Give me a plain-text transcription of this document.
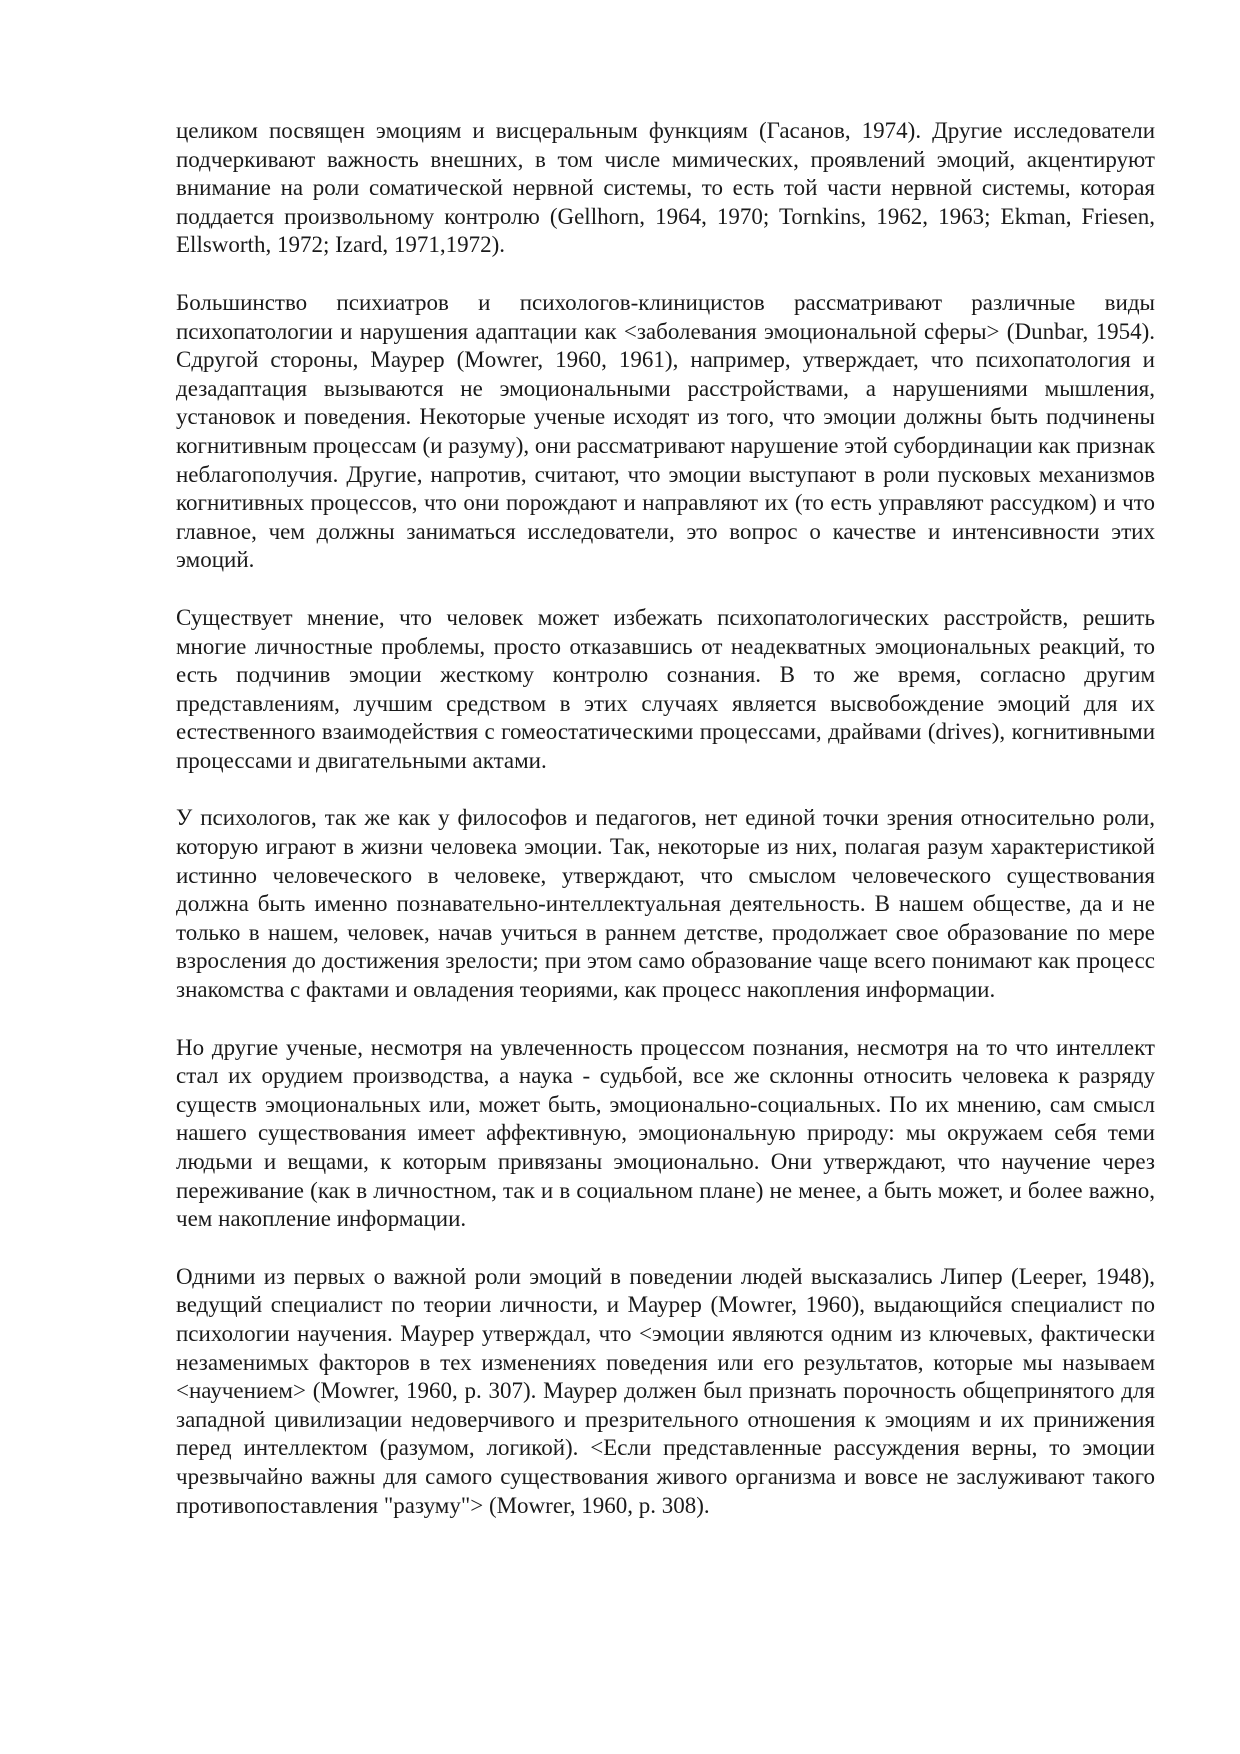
целиком посвящен эмоциям и висцеральным функциям (Гасанов, 1974). Другие исследователи подчеркивают важность внешних, в том числе мимических, проявлений эмоций, акцентируют внимание на роли соматической нервной системы, то есть той части нервной системы, которая поддается произвольному контролю (Gellhorn, 1964, 1970; Tornkins, 1962, 1963; Ekman, Friesen, Ellsworth, 1972; Izard, 1971,1972).

Большинство психиатров и психологов-клиницистов рассматривают различные виды психопатологии и нарушения адаптации как <заболевания эмоциональной сферы> (Dunbar, 1954). Сдругой стороны, Маурер (Mowrer, 1960, 1961), например, утверждает, что психопатология и дезадаптация вызываются не эмоциональными расстройствами, а нарушениями мышления, установок и поведения. Некоторые ученые исходят из того, что эмоции должны быть подчинены когнитивным процессам (и разуму), они рассматривают нарушение этой субординации как признак неблагополучия. Другие, напротив, считают, что эмоции выступают в роли пусковых механизмов когнитивных процессов, что они порождают и направляют их (то есть управляют рассудком) и что главное, чем должны заниматься исследователи, это вопрос о качестве и интенсивности этих эмоций.

Существует мнение, что человек может избежать психопатологических расстройств, решить многие личностные проблемы, просто отказавшись от неадекватных эмоциональных реакций, то есть подчинив эмоции жесткому контролю сознания. В то же время, согласно другим представлениям, лучшим средством в этих случаях является высвобождение эмоций для их естественного взаимодействия с гомеостатическими процессами, драйвами (drives), когнитивными процессами и двигательными актами.

У психологов, так же как у философов и педагогов, нет единой точки зрения относительно роли, которую играют в жизни человека эмоции. Так, некоторые из них, полагая разум характеристикой истинно человеческого в человеке, утверждают, что смыслом человеческого существования должна быть именно познавательно-интеллектуальная деятельность. В нашем обществе, да и не только в нашем, человек, начав учиться в раннем детстве, продолжает свое образование по мере взросления до достижения зрелости; при этом само образование чаще всего понимают как процесс знакомства с фактами и овладения теориями, как процесс накопления информации.

Но другие ученые, несмотря на увлеченность процессом познания, несмотря на то что интеллект стал их орудием производства, а наука - судьбой, все же склонны относить человека к разряду существ эмоциональных или, может быть, эмоционально-социальных. По их мнению, сам смысл нашего существования имеет аффективную, эмоциональную природу: мы окружаем себя теми людьми и вещами, к которым привязаны эмоционально. Они утверждают, что научение через переживание (как в личностном, так и в социальном плане) не менее, а быть может, и более важно, чем накопление информации.

Одними из первых о важной роли эмоций в поведении людей высказались Липер (Leeper, 1948), ведущий специалист по теории личности, и Маурер (Mowrer, 1960), выдающийся специалист по психологии научения. Маурер утверждал, что <эмоции являются одним из ключевых, фактически незаменимых факторов в тех изменениях поведения или его результатов, которые мы называем <научением> (Mowrer, 1960, p. 307). Маурер должен был признать порочность общепринятого для западной цивилизации недоверчивого и презрительного отношения к эмоциям и их принижения перед интеллектом (разумом, логикой). <Если представленные рассуждения верны, то эмоции чрезвычайно важны для самого существования живого организма и вовсе не заслуживают такого противопоставления "разуму"> (Mowrer, 1960, p. 308).
